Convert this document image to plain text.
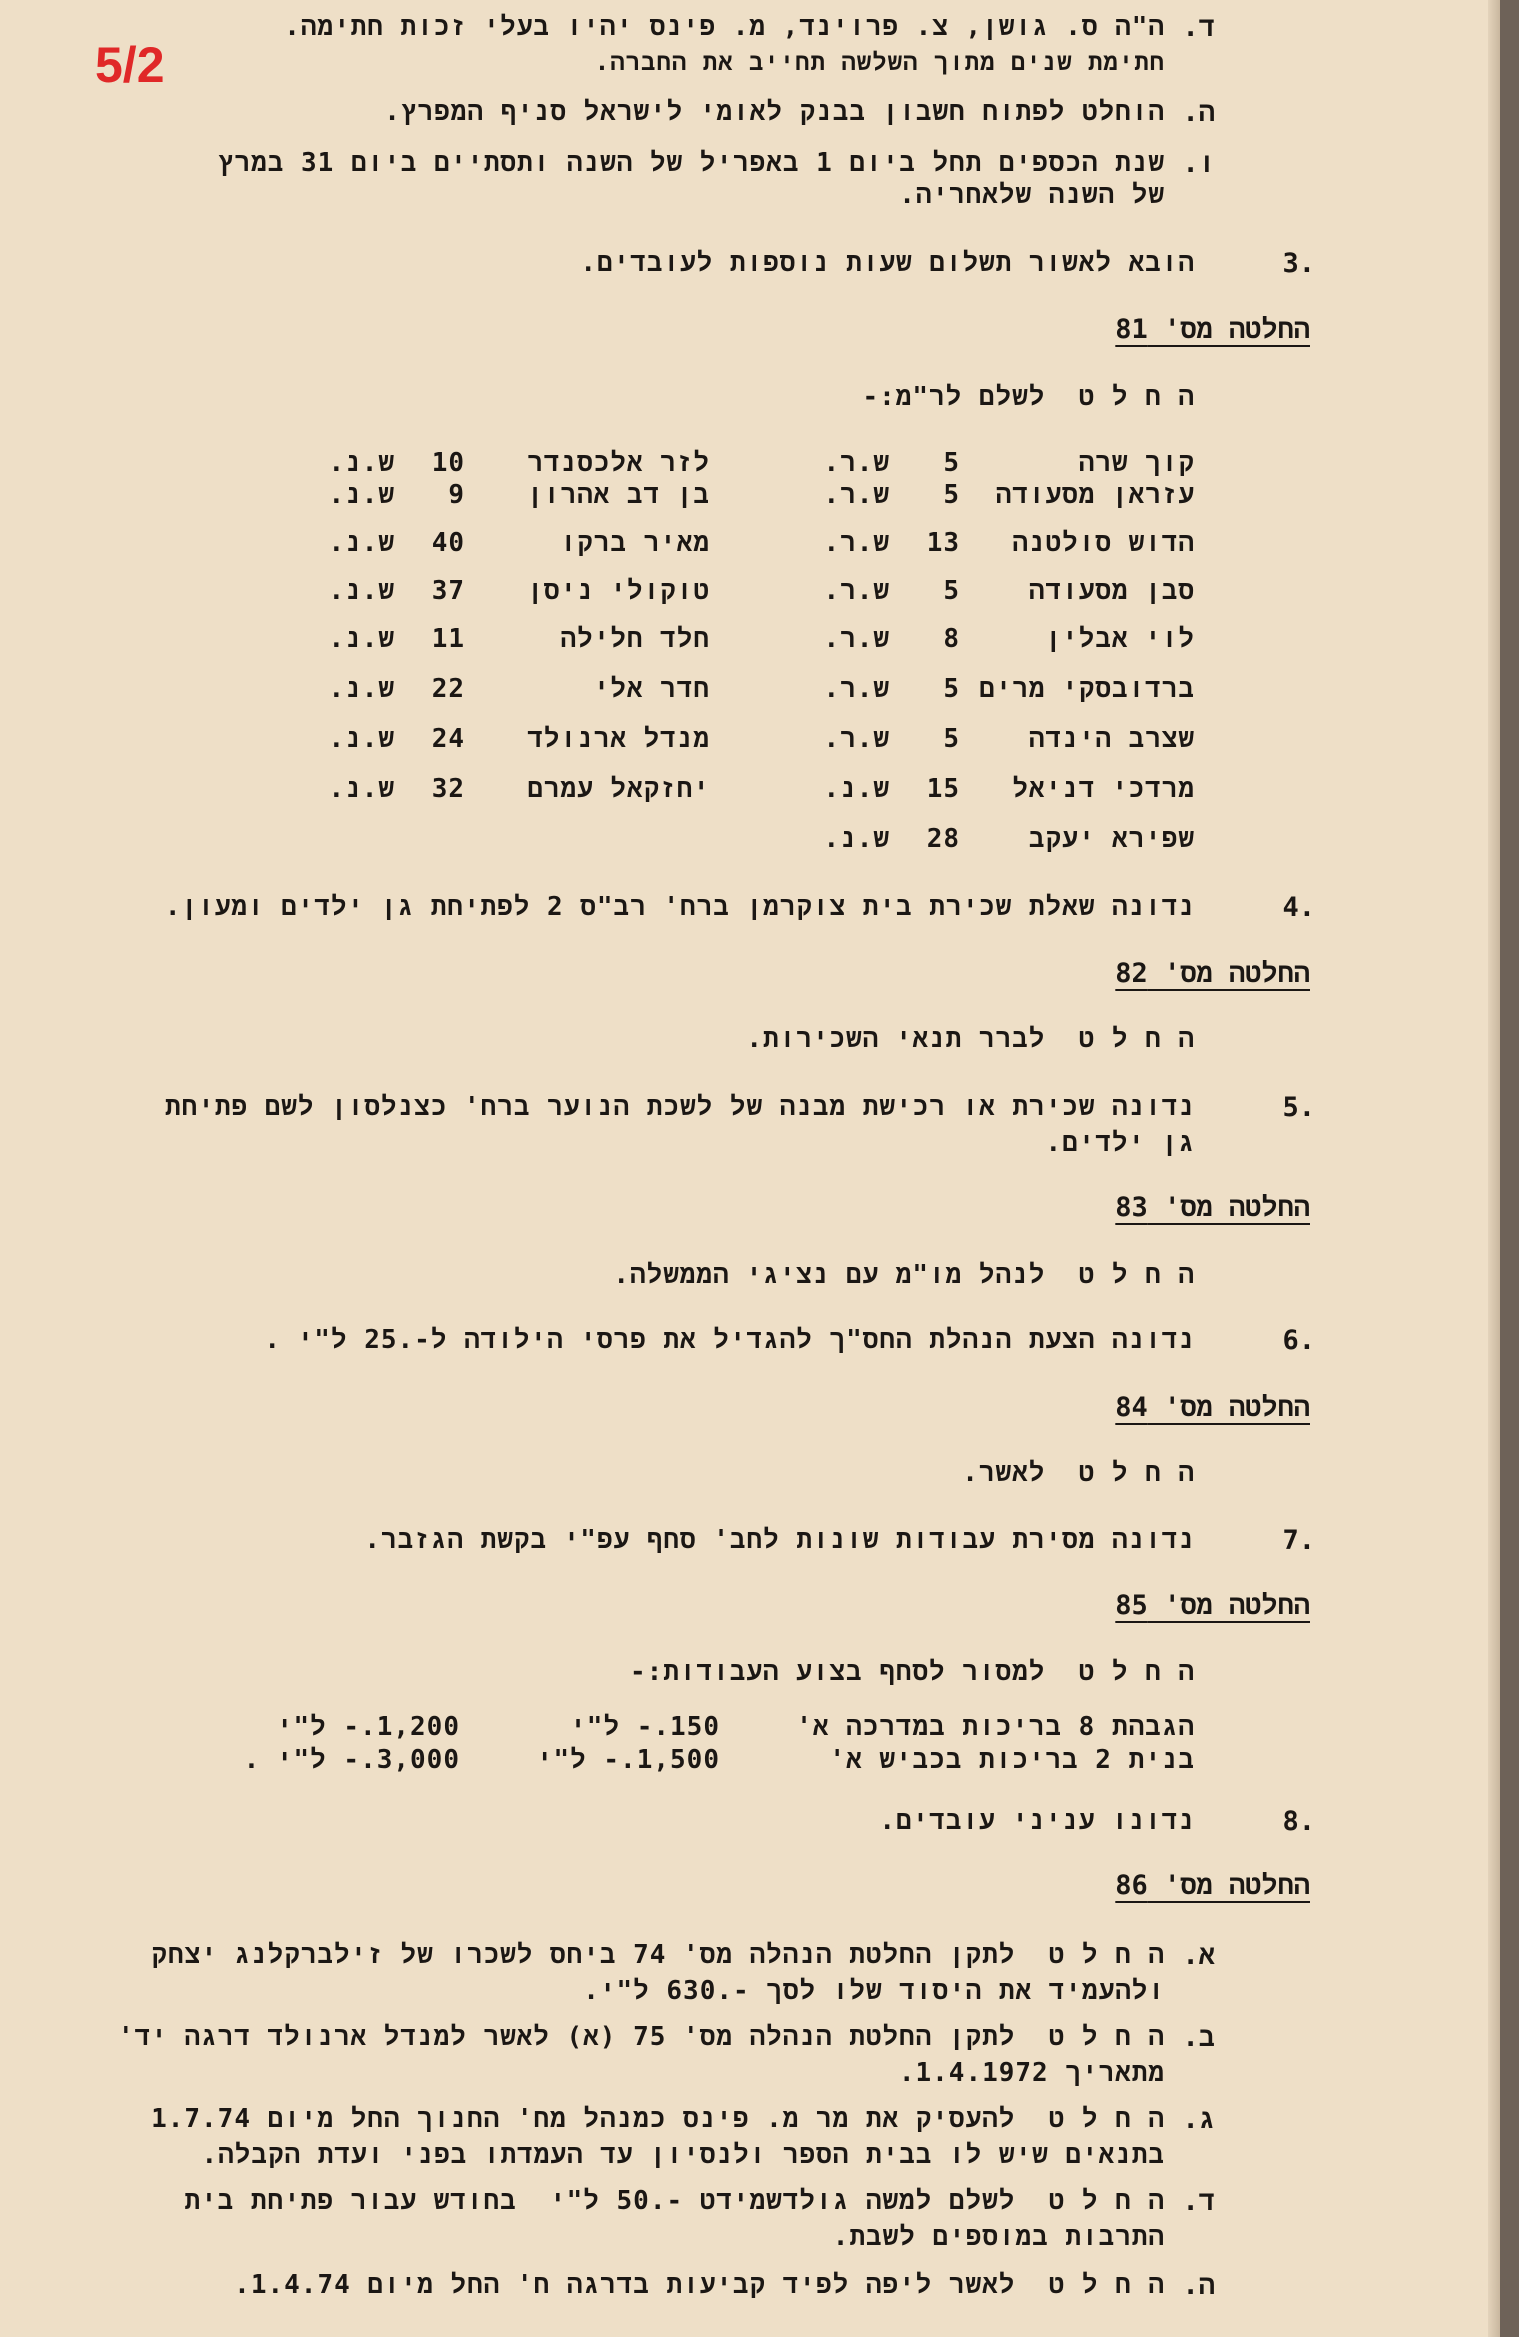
5/2
ד.
ה"ה ס. גושן, צ. פרוינד, מ. פינס יהיו בעלי זכות חתימה.
חתימת שנים מתוך השלשה תחייב את החברה.
ה.
הוחלט לפתוח חשבון בבנק לאומי לישראל סניף המפרץ.
ו.
שנת הכספים תחל ביום 1 באפריל של השנה ותסתיים ביום 31 במרץ
של השנה שלאחריה.
.3
הובא לאשור תשלום שעות נוספות לעובדים.
החלטה מס' 81
ה ח ל ט  לשלם לר"מ:-
קוך שרה
5
ש.ר.
לזר אלכסנדר
10
ש.נ.
עזראן מסעודה
5
ש.ר.
בן דב אהרון
9
ש.נ.
הדוש סולטנה
13
ש.ר.
מאיר ברקו
40
ש.נ.
סבן מסעודה
5
ש.ר.
טוקולי ניסן
37
ש.נ.
לוי אבלין
8
ש.ר.
חלד חלילה
11
ש.נ.
ברדובסקי מרים
5
ש.ר.
חדר אלי
22
ש.נ.
שצרב הינדה
5
ש.ר.
מנדל ארנולד
24
ש.נ.
מרדכי דניאל
15
ש.נ.
יחזקאל עמרם
32
ש.נ.
שפירא יעקב
28
ש.נ.
.4
נדונה שאלת שכירת בית צוקרמן ברח' רב"ס 2 לפתיחת גן ילדים ומעון.
החלטה מס' 82
ה ח ל ט  לברר תנאי השכירות.
.5
נדונה שכירת או רכישת מבנה של לשכת הנוער ברח' כצנלסון לשם פתיחת
גן ילדים.
החלטה מס' 83
ה ח ל ט  לנהל מו"מ עם נציגי הממשלה.
.6
נדונה הצעת הנהלת החס"ך להגדיל את פרסי הילודה ל-.25 ל"י .
החלטה מס' 84
ה ח ל ט  לאשר.
.7
נדונה מסירת עבודות שונות לחב' סחף עפ"י בקשת הגזבר.
החלטה מס' 85
ה ח ל ט  למסור לסחף בצוע העבודות:-
הגבהת 8 בריכות במדרכה א'
150.- ל"י
1,200.- ל"י
בנית 2 בריכות בכביש א'
1,500.- ל"י
3,000.- ל"י .
.8
נדונו עניני עובדים.
החלטה מס' 86
א.
ה ח ל ט  לתקן החלטת הנהלה מס' 74 ביחס לשכרו של זילברקלנג יצחק
ולהעמיד את היסוד שלו לסך -.630 ל"י.
ב.
ה ח ל ט  לתקן החלטת הנהלה מס' 75 (א) לאשר למנדל ארנולד דרגה יד'
מתאריך 1.4.1972.
ג.
ה ח ל ט  להעסיק את מר מ. פינס כמנהל מח' החנוך החל מיום 1.7.74
בתנאים שיש לו בבית הספר ולנסיון עד העמדתו בפני ועדת הקבלה.
ד.
ה ח ל ט  לשלם למשה גולדשמידט -.50 ל"י  בחודש עבור פתיחת בית
התרבות במוספים לשבת.
ה.
ה ח ל ט  לאשר ליפה לפיד קביעות בדרגה ח' החל מיום 1.4.74.
